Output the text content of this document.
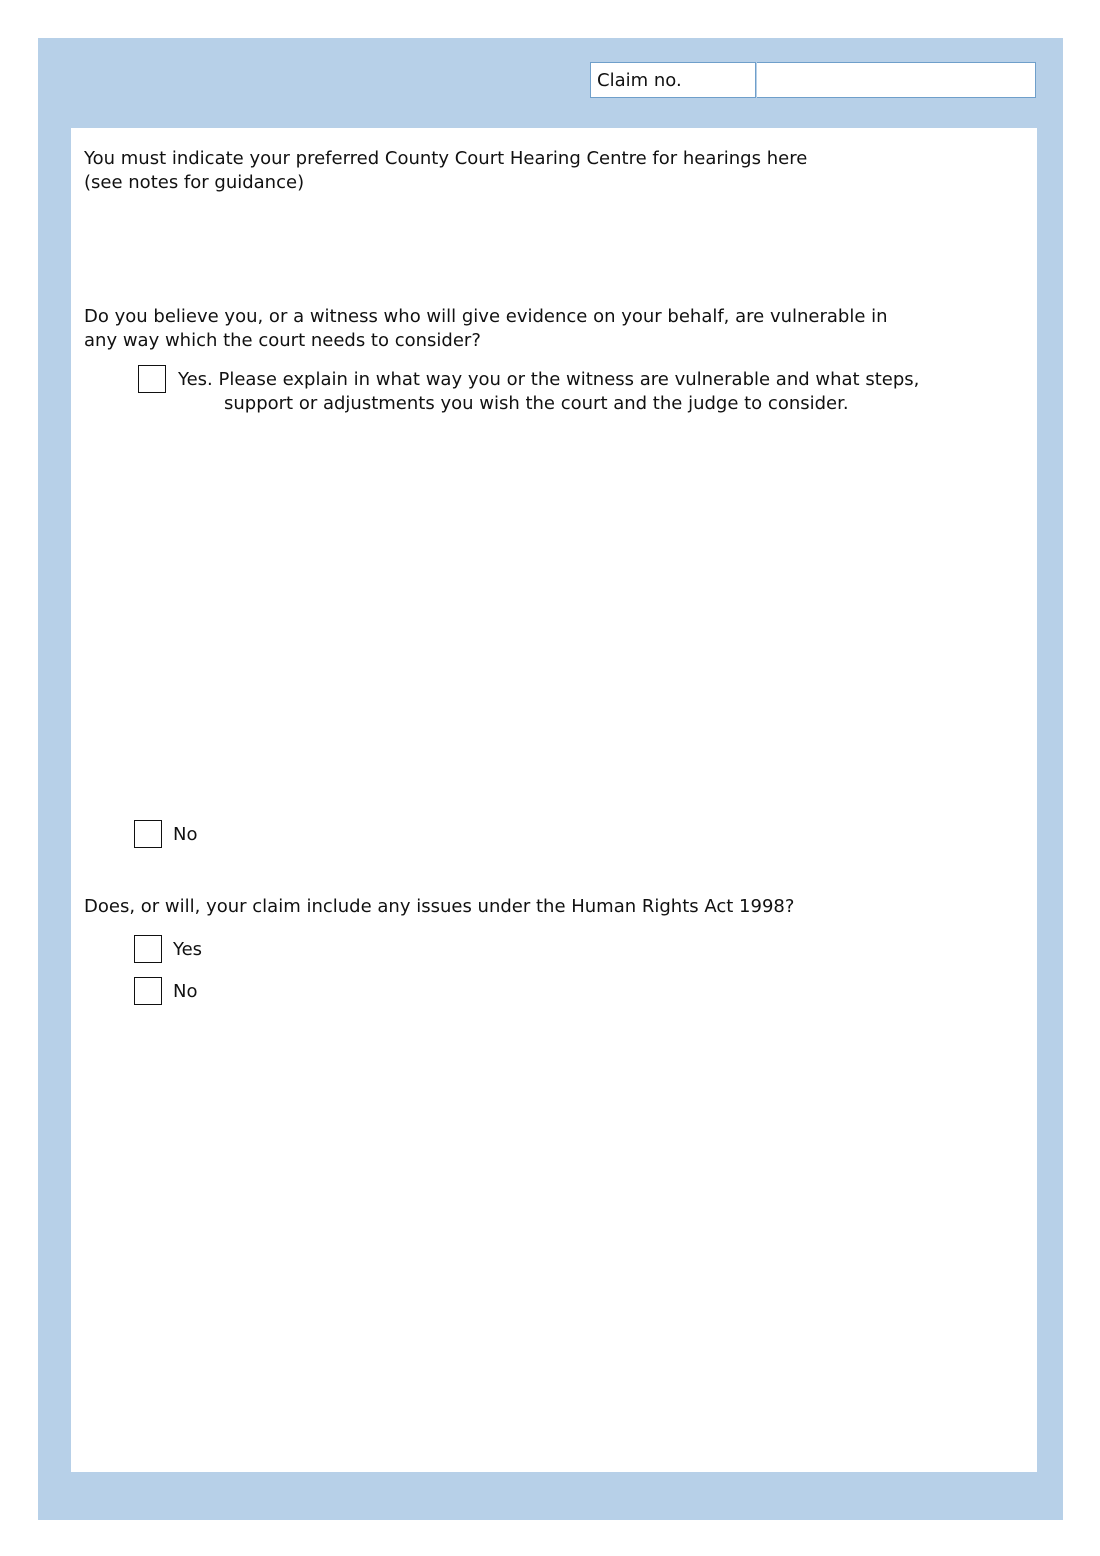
Claim no.
You must indicate your preferred County Court Hearing Centre for hearings here
(see notes for guidance)
Do you believe you, or a witness who will give evidence on your behalf, are vulnerable in
any way which the court needs to consider?
Yes. Please explain in what way you or the witness are vulnerable and what steps,
support or adjustments you wish the court and the judge to consider.
No
Does, or will, your claim include any issues under the Human Rights Act 1998?
Yes
No
